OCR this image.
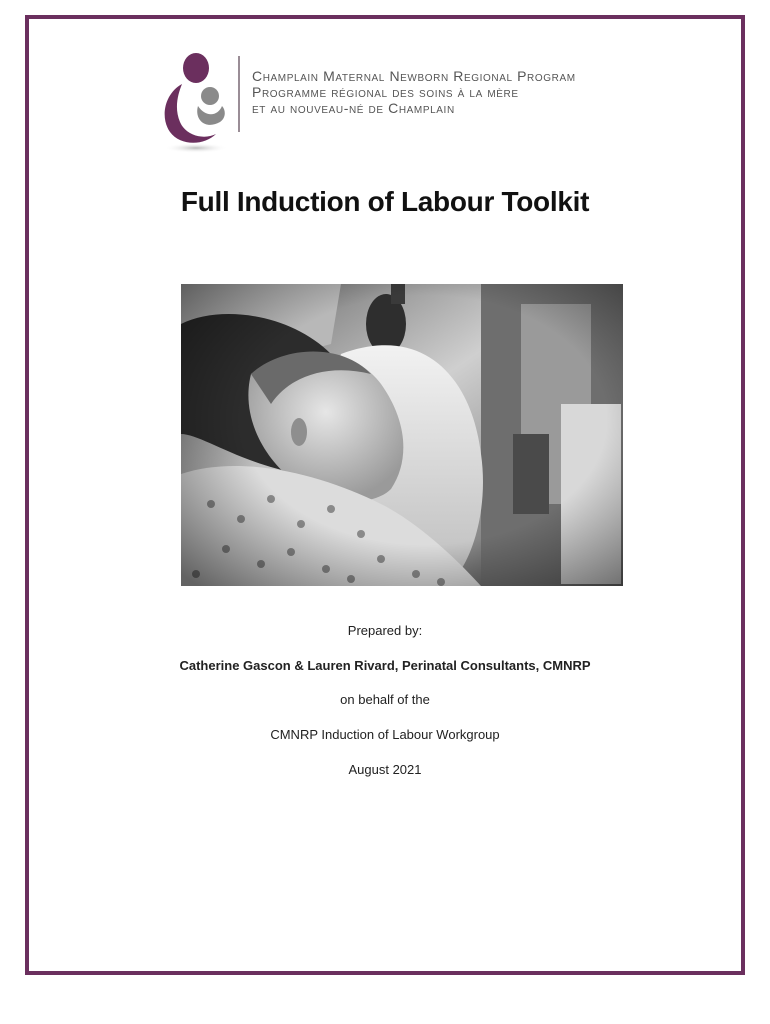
Champlain Maternal Newborn Regional Program
Programme régional des soins à la mère
et au nouveau-né de Champlain
Full Induction of Labour Toolkit
Prepared by:
Catherine Gascon & Lauren Rivard, Perinatal Consultants, CMNRP
on behalf of the
CMNRP Induction of Labour Workgroup
August 2021
